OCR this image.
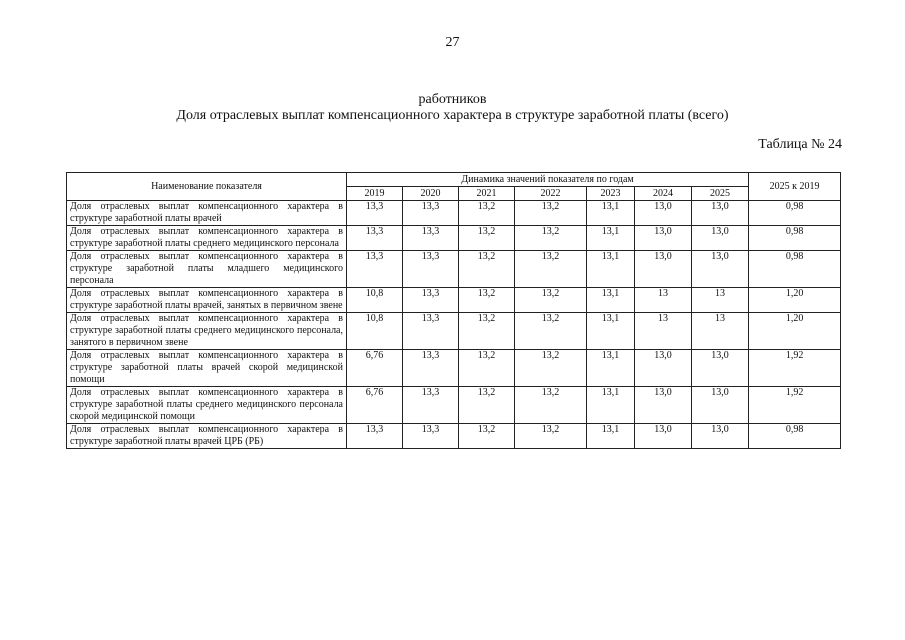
27
работников
Доля отраслевых выплат компенсационного характера в структуре заработной платы (всего)
Таблица № 24
Наименование показателя	Динамика значений показателя по годам							2025 к 2019
	2019	2020	2021	2022	2023	2024	2025	
Доля отраслевых выплат компенсационного характера в структуре заработной платы врачей	13,3	13,3	13,2	13,2	13,1	13,0	13,0	0,98
Доля отраслевых выплат компенсационного характера в структуре заработной платы среднего медицинского персонала	13,3	13,3	13,2	13,2	13,1	13,0	13,0	0,98
Доля отраслевых выплат компенсационного характера в структуре заработной платы младшего медицинского персонала	13,3	13,3	13,2	13,2	13,1	13,0	13,0	0,98
Доля отраслевых выплат компенсационного характера в структуре заработной платы врачей, занятых в первичном звене	10,8	13,3	13,2	13,2	13,1	13	13	1,20
Доля отраслевых выплат компенсационного характера в структуре заработной платы среднего медицинского персонала, занятого в первичном звене	10,8	13,3	13,2	13,2	13,1	13	13	1,20
Доля отраслевых выплат компенсационного характера в структуре заработной платы врачей скорой медицинской помощи	6,76	13,3	13,2	13,2	13,1	13,0	13,0	1,92
Доля отраслевых выплат компенсационного характера в структуре заработной платы среднего медицинского персонала скорой медицинской помощи	6,76	13,3	13,2	13,2	13,1	13,0	13,0	1,92
Доля отраслевых выплат компенсационного характера в структуре заработной платы врачей ЦРБ (РБ)	13,3	13,3	13,2	13,2	13,1	13,0	13,0	0,98
